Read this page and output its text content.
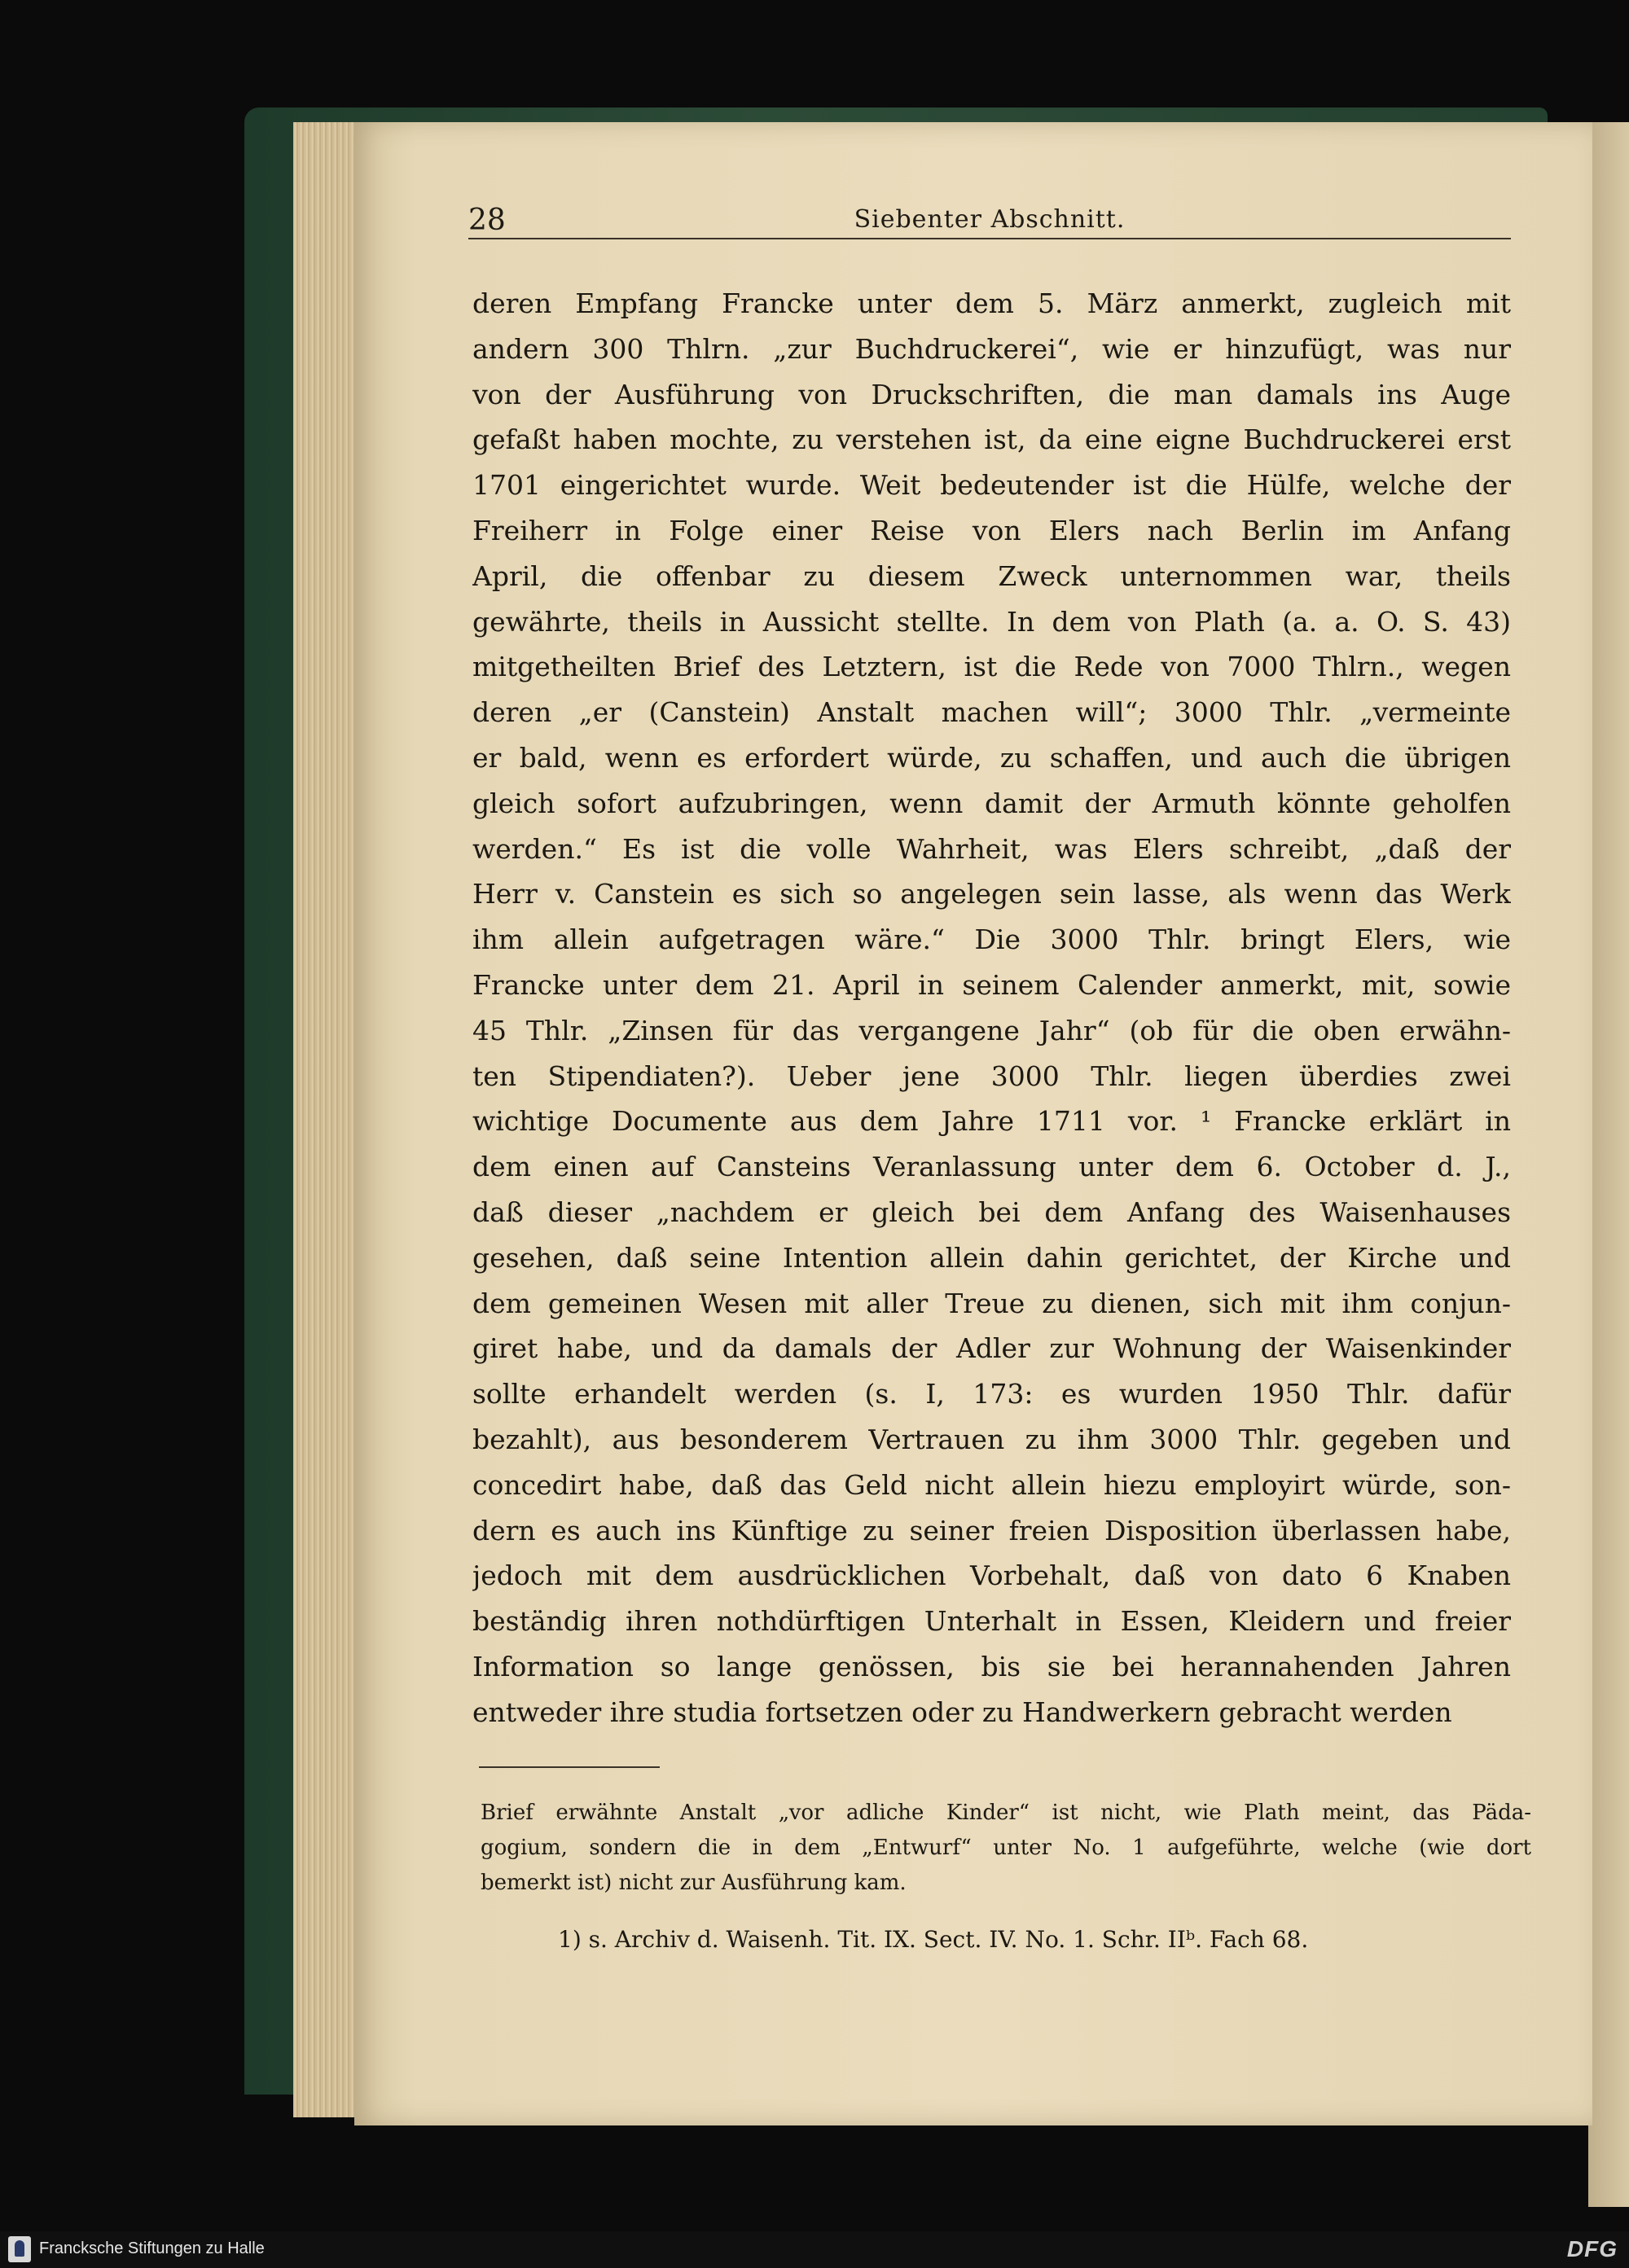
28	Siebenter Abschnitt.
deren Empfang Francke unter dem 5. März anmerkt, zugleich mit
andern 300 Thlrn. „zur Buchdruckerei“, wie er hinzufügt, was nur
von der Ausführung von Druckschriften, die man damals ins Auge
gefaßt haben mochte, zu verstehen ist, da eine eigne Buchdruckerei erst
1701 eingerichtet wurde. Weit bedeutender ist die Hülfe, welche der
Freiherr in Folge einer Reise von Elers nach Berlin im Anfang
April, die offenbar zu diesem Zweck unternommen war, theils
gewährte, theils in Aussicht stellte. In dem von Plath (a. a. O. S. 43)
mitgetheilten Brief des Letztern, ist die Rede von 7000 Thlrn., wegen
deren „er (Canstein) Anstalt machen will“; 3000 Thlr. „vermeinte
er bald, wenn es erfordert würde, zu schaffen, und auch die übrigen
gleich sofort aufzubringen, wenn damit der Armuth könnte geholfen
werden.“ Es ist die volle Wahrheit, was Elers schreibt, „daß der
Herr v. Canstein es sich so angelegen sein lasse, als wenn das Werk
ihm allein aufgetragen wäre.“ Die 3000 Thlr. bringt Elers, wie
Francke unter dem 21. April in seinem Calender anmerkt, mit, sowie
45 Thlr. „Zinsen für das vergangene Jahr“ (ob für die oben erwähn-
ten Stipendiaten?). Ueber jene 3000 Thlr. liegen überdies zwei
wichtige Documente aus dem Jahre 1711 vor. ¹ Francke erklärt in
dem einen auf Cansteins Veranlassung unter dem 6. October d. J.,
daß dieser „nachdem er gleich bei dem Anfang des Waisenhauses
gesehen, daß seine Intention allein dahin gerichtet, der Kirche und
dem gemeinen Wesen mit aller Treue zu dienen, sich mit ihm conjun-
giret habe, und da damals der Adler zur Wohnung der Waisenkinder
sollte erhandelt werden (s. I, 173: es wurden 1950 Thlr. dafür
bezahlt), aus besonderem Vertrauen zu ihm 3000 Thlr. gegeben und
concedirt habe, daß das Geld nicht allein hiezu employirt würde, son-
dern es auch ins Künftige zu seiner freien Disposition überlassen habe,
jedoch mit dem ausdrücklichen Vorbehalt, daß von dato 6 Knaben
beständig ihren nothdürftigen Unterhalt in Essen, Kleidern und freier
Information so lange genössen, bis sie bei herannahenden Jahren
entweder ihre studia fortsetzen oder zu Handwerkern gebracht werden
Brief erwähnte Anstalt „vor adliche Kinder“ ist nicht, wie Plath meint, das Päda-
gogium, sondern die in dem „Entwurf“ unter No. 1 aufgeführte, welche (wie dort
bemerkt ist) nicht zur Ausführung kam.
1) s. Archiv d. Waisenh. Tit. IX. Sect. IV. No. 1. Schr. IIᵇ. Fach 68.
Francksche Stiftungen zu Halle	DFG
